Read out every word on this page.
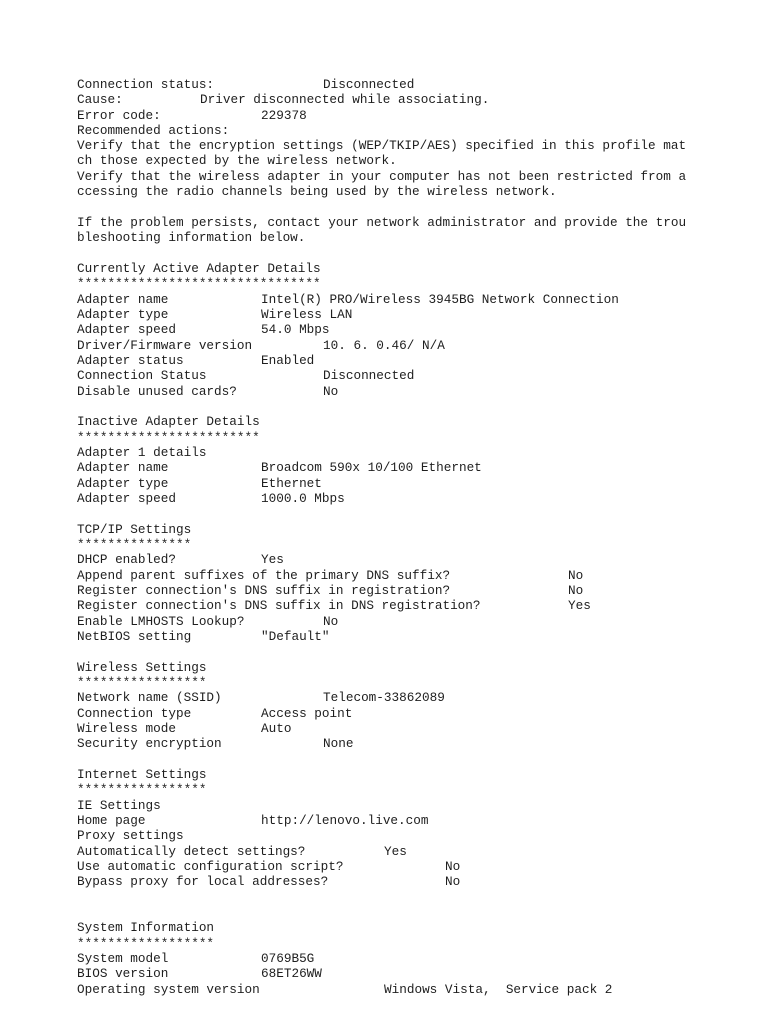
Connection status:	Disconnected
Cause:	Driver disconnected while associating.
Error code:	229378
Recommended actions:
Verify that the encryption settings (WEP/TKIP/AES) specified in this profile mat
ch those expected by the wireless network.
Verify that the wireless adapter in your computer has not been restricted from a
ccessing the radio channels being used by the wireless network.
If the problem persists, contact your network administrator and provide the trou
bleshooting information below.
Currently Active Adapter Details
********************************
Adapter name	Intel(R) PRO/Wireless 3945BG Network Connection
Adapter type	Wireless LAN
Adapter speed	54.0 Mbps
Driver/Firmware version	10. 6. 0.46/ N/A
Adapter status	Enabled
Connection Status	Disconnected
Disable unused cards?	No
Inactive Adapter Details
************************
Adapter 1 details
Adapter name	Broadcom 590x 10/100 Ethernet
Adapter type	Ethernet
Adapter speed	1000.0 Mbps
TCP/IP Settings
***************
DHCP enabled?	Yes
Append parent suffixes of the primary DNS suffix?	No
Register connection's DNS suffix in registration?	No
Register connection's DNS suffix in DNS registration?	Yes
Enable LMHOSTS Lookup?	No
NetBIOS setting	"Default"
Wireless Settings
*****************
Network name (SSID)	Telecom-33862089
Connection type	Access point
Wireless mode	Auto
Security encryption	None
Internet Settings
*****************
IE Settings
Home page	http://lenovo.live.com
Proxy settings
Automatically detect settings?	Yes
Use automatic configuration script?	No
Bypass proxy for local addresses?	No
System Information
******************
System model	0769B5G
BIOS version	68ET26WW
Operating system version	Windows Vista,  Service pack 2
